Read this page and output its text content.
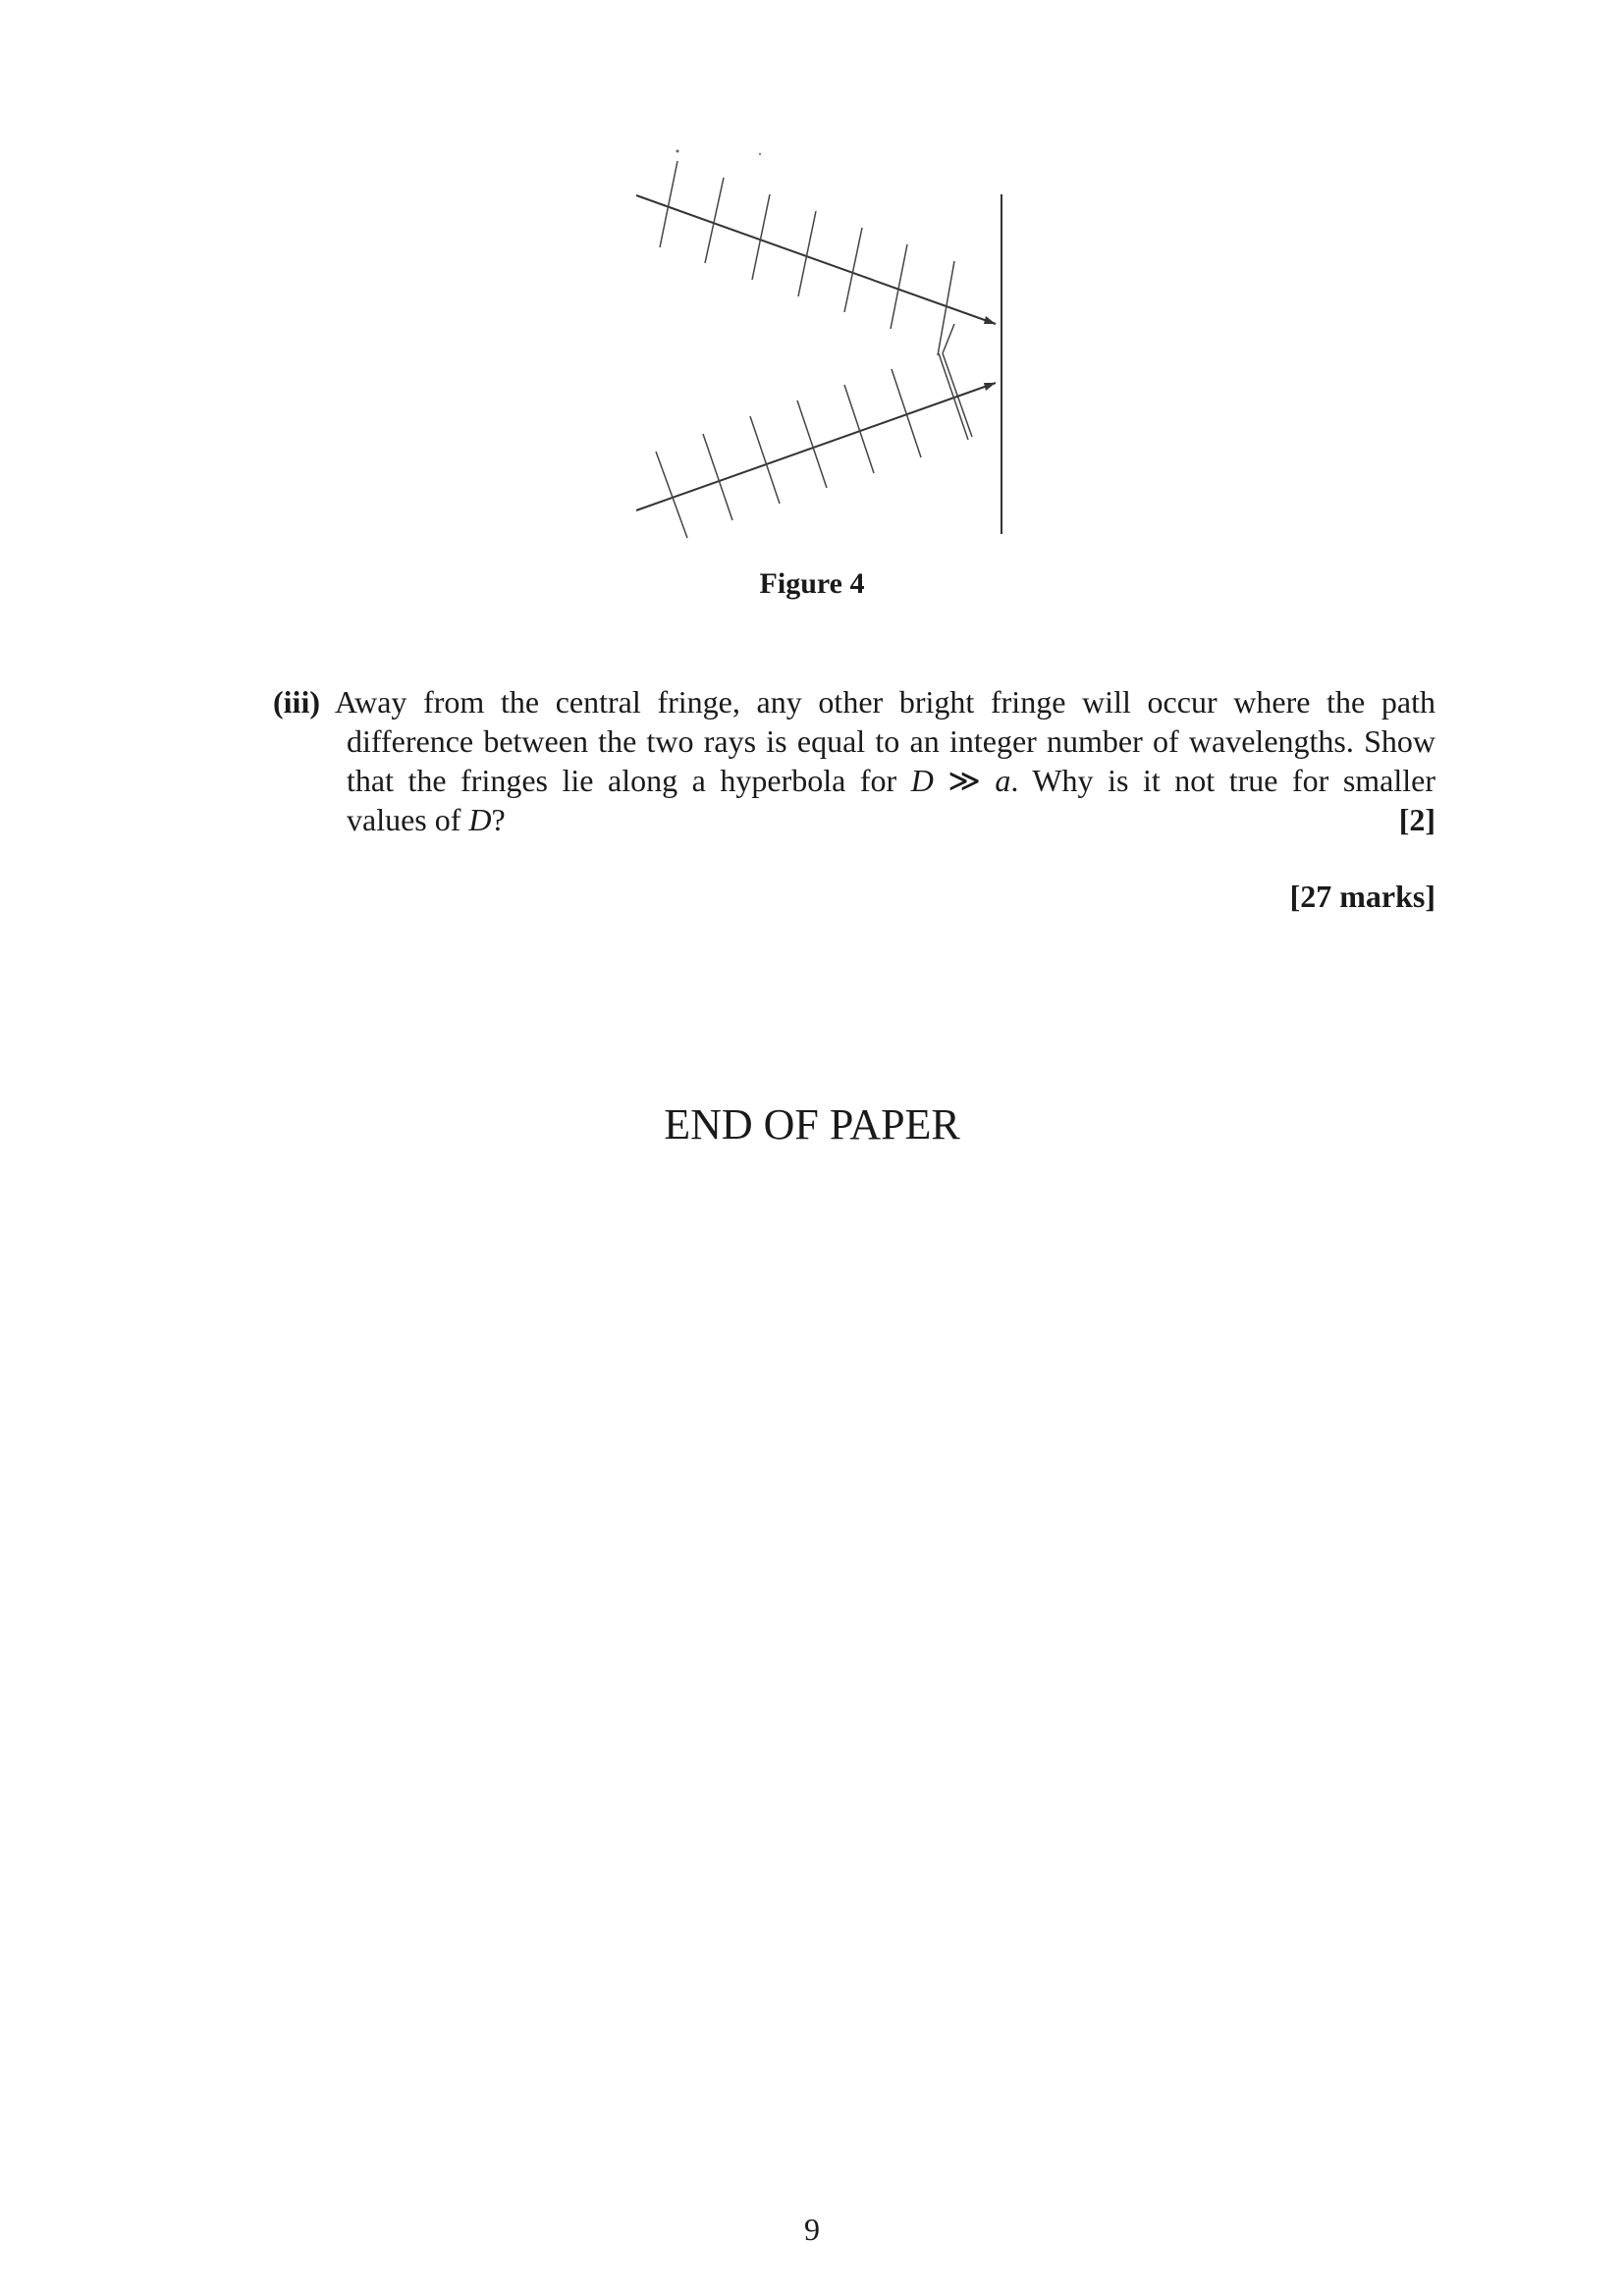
Figure 4
(iii) Away from the central fringe, any other bright fringe will occur where the path
difference between the two rays is equal to an integer number of wavelengths. Show
that the fringes lie along a hyperbola for D ≫ a. Why is it not true for smaller
values of D?	[2]
[27 marks]
END OF PAPER
9
